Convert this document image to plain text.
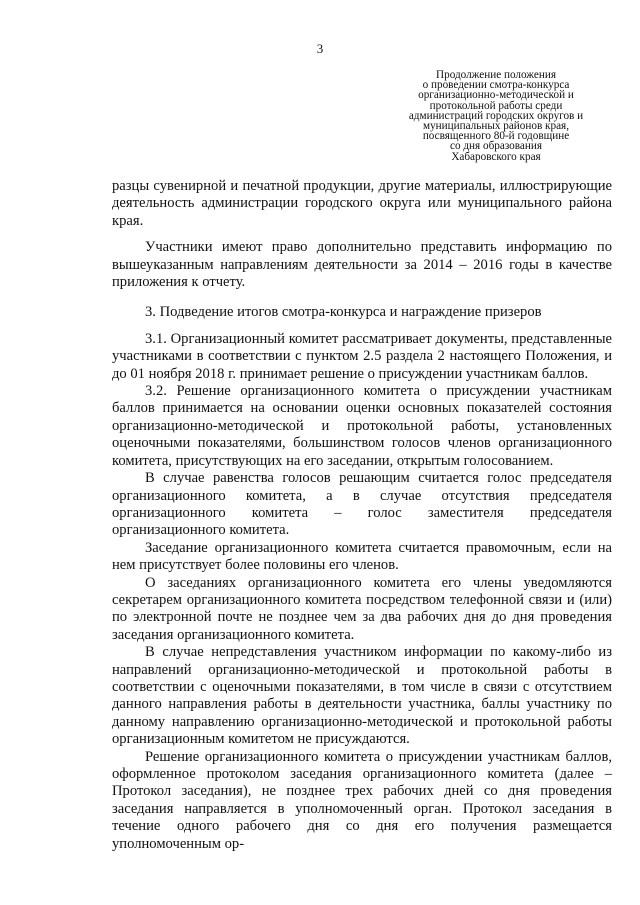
3
Продолжение положения
о проведении смотра-конкурса
организационно-методической и
протокольной работы среди
администраций городских округов и
муниципальных районов края,
посвященного 80-й годовщине
со дня образования
Хабаровского края

разцы сувенирной и печатной продукции, другие материалы, иллюстрирующие деятельность администрации городского округа или муниципального района края.

Участники имеют право дополнительно представить информацию по вышеуказанным направлениям деятельности за 2014 – 2016 годы в качестве приложения к отчету.

3. Подведение итогов смотра-конкурса и награждение призеров

3.1. Организационный комитет рассматривает документы, представленные участниками в соответствии с пунктом 2.5 раздела 2 настоящего Положения, и до 01 ноября 2018 г. принимает решение о присуждении участникам баллов.

3.2. Решение организационного комитета о присуждении участникам баллов принимается на основании оценки основных показателей состояния организационно-методической и протокольной работы, установленных оценочными показателями, большинством голосов членов организационного комитета, присутствующих на его заседании, открытым голосованием.

В случае равенства голосов решающим считается голос председателя организационного комитета, а в случае отсутствия председателя организационного комитета – голос заместителя председателя организационного комитета.

Заседание организационного комитета считается правомочным, если на нем присутствует более половины его членов.

О заседаниях организационного комитета его члены уведомляются секретарем организационного комитета посредством телефонной связи и (или) по электронной почте не позднее чем за два рабочих дня до дня проведения заседания организационного комитета.

В случае непредставления участником информации по какому-либо из направлений организационно-методической и протокольной работы в соответствии с оценочными показателями, в том числе в связи с отсутствием данного направления работы в деятельности участника, баллы участнику по данному направлению организационно-методической и протокольной работы организационным комитетом не присуждаются.

Решение организационного комитета о присуждении участникам баллов, оформленное протоколом заседания организационного комитета (далее – Протокол заседания), не позднее трех рабочих дней со дня проведения заседания направляется в уполномоченный орган. Протокол заседания в течение одного рабочего дня со дня его получения размещается уполномоченным ор-
